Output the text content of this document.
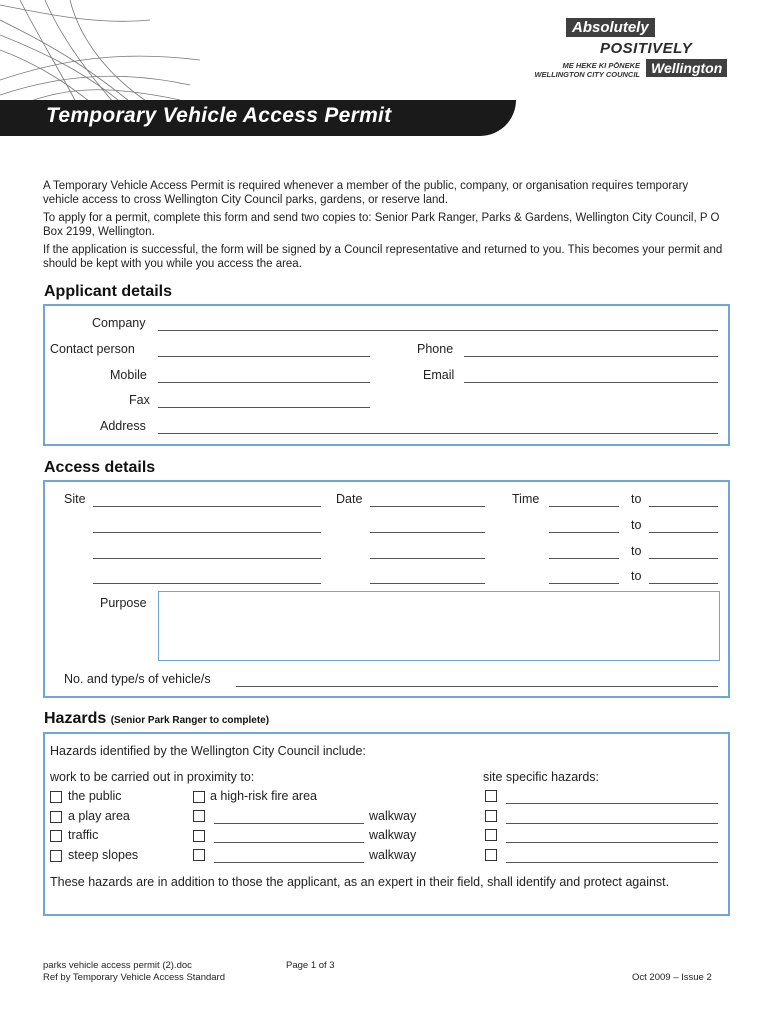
Absolutely
POSITIVELY
ME HEKE KI PŌNEKE
WELLINGTON CITY COUNCIL Wellington
Temporary Vehicle Access Permit
A Temporary Vehicle Access Permit is required whenever a member of the public, company, or organisation requires temporary vehicle access to cross Wellington City Council parks, gardens, or reserve land.
To apply for a permit, complete this form and send two copies to: Senior Park Ranger, Parks & Gardens, Wellington City Council, P O Box 2199, Wellington.
If the application is successful, the form will be signed by a Council representative and returned to you. This becomes your permit and should be kept with you while you access the area.
Applicant details
Company
Contact person	Phone
Mobile	Email
Fax
Address
Access details
Site	Date	Time	to
to
to
to
Purpose
No. and type/s of vehicle/s
Hazards (Senior Park Ranger to complete)
Hazards identified by the Wellington City Council include:
work to be carried out in proximity to:	site specific hazards:
the public	a high-risk fire area
a play area	walkway
traffic	walkway
steep slopes	walkway
These hazards are in addition to those the applicant, as an expert in their field, shall identify and protect against.
parks vehicle access permit (2).doc
Ref by Temporary Vehicle Access Standard
Page 1 of 3
Oct 2009 – Issue 2
